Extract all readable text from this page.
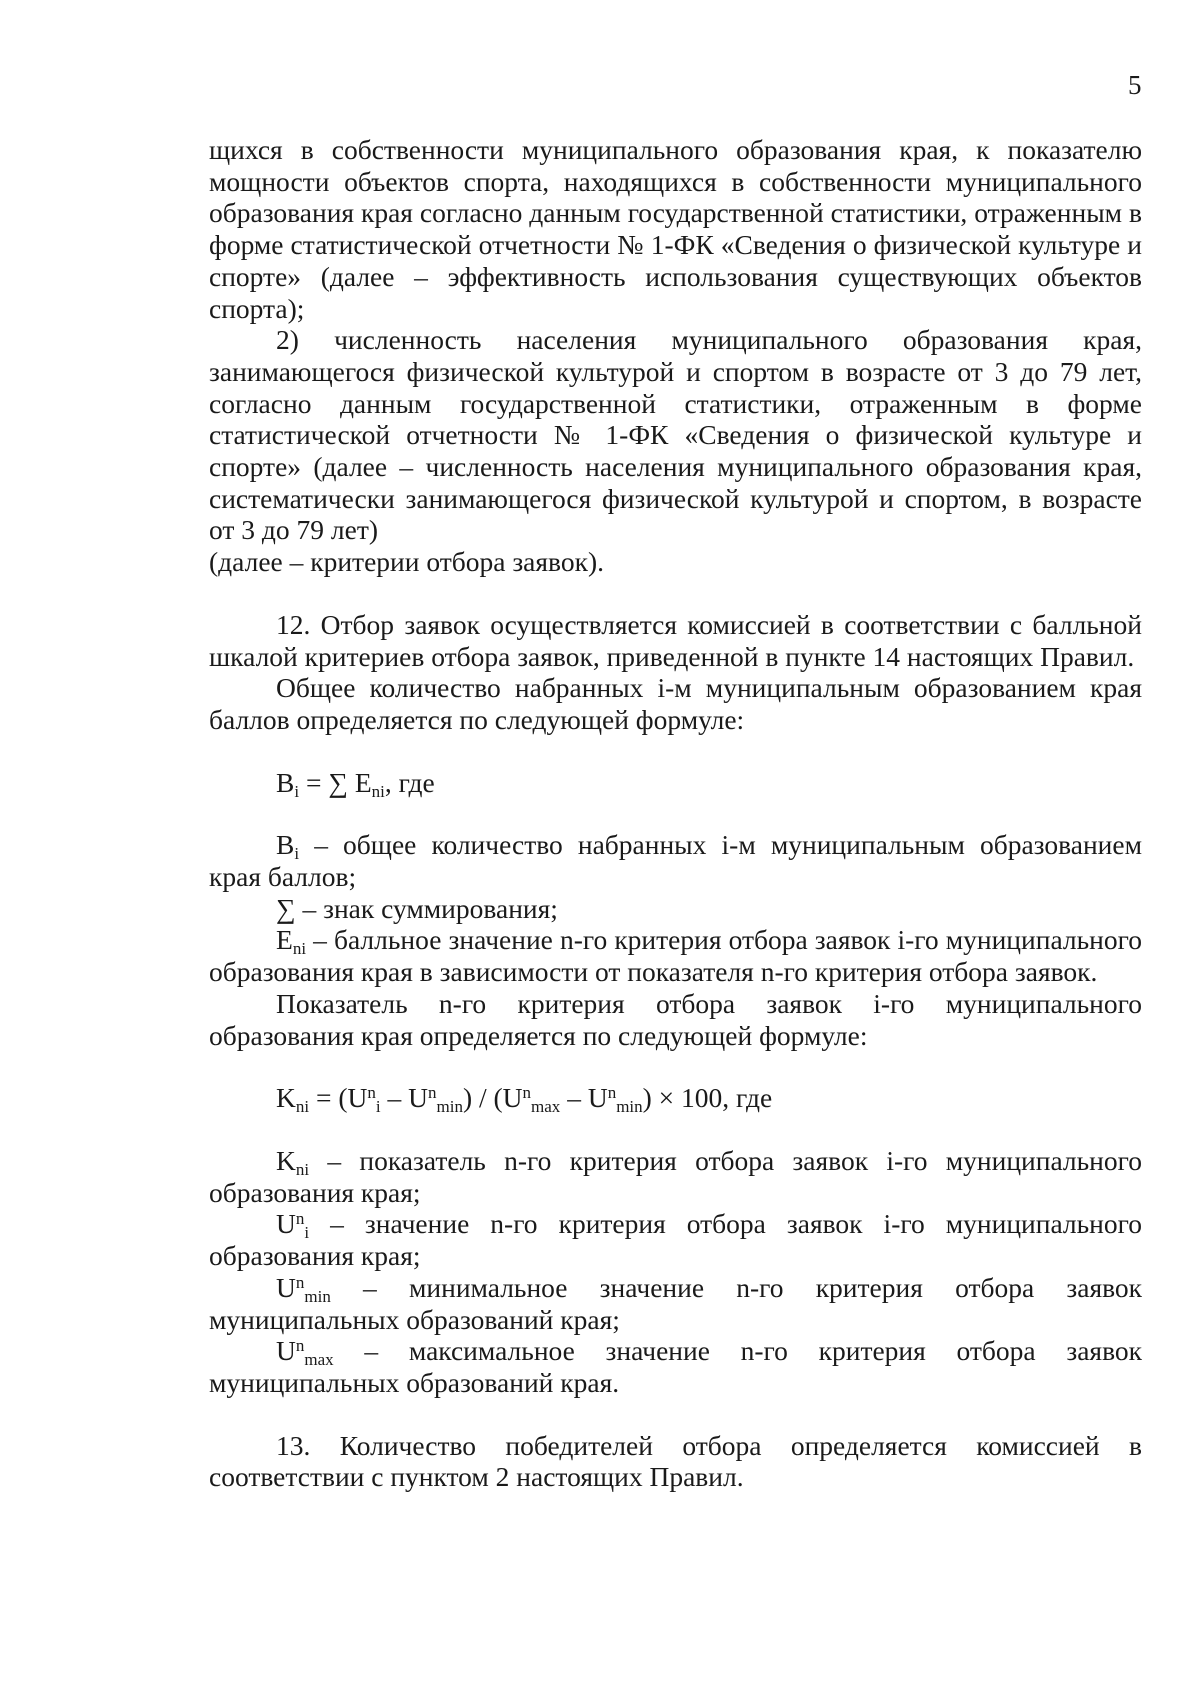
5

щихся в собственности муниципального образования края, к показателю мощности объектов спорта, находящихся в собственности муниципального образования края согласно данным государственной статистики, отраженным в форме статистической отчетности № 1-ФК «Сведения о физической культуре и спорте» (далее – эффективность использования существующих объектов спорта);

2) численность населения муниципального образования края, занимающегося физической культурой и спортом в возрасте от 3 до 79 лет, согласно данным государственной статистики, отраженным в форме статистической отчетности № 1-ФК «Сведения о физической культуре и спорте» (далее – численность населения муниципального образования края, систематически занимающегося физической культурой и спортом, в возрасте от 3 до 79 лет)

(далее – критерии отбора заявок).

12. Отбор заявок осуществляется комиссией в соответствии с балльной шкалой критериев отбора заявок, приведенной в пункте 14 настоящих Правил.

Общее количество набранных i-м муниципальным образованием края баллов определяется по следующей формуле:

$B_i$ = ∑ $E_{ni}$, где

$B_i$ – общее количество набранных i-м муниципальным образованием края баллов;

∑ – знак суммирования;

$E_{ni}$ – балльное значение n-го критерия отбора заявок i-го муниципального образования края в зависимости от показателя n-го критерия отбора заявок.

Показатель n-го критерия отбора заявок i-го муниципального образования края определяется по следующей формуле:

$K_{ni} = (U^n_i - U^n_{min}) / (U^n_{max} - U^n_{min}) \times 100$, где

$K_{ni}$ – показатель n-го критерия отбора заявок i-го муниципального образования края;

$U^n_i$ – значение n-го критерия отбора заявок i-го муниципального образования края;

$U^n_{min}$ – минимальное значение n-го критерия отбора заявок муниципальных образований края;

$U^n_{max}$ – максимальное значение n-го критерия отбора заявок муниципальных образований края.

13. Количество победителей отбора определяется комиссией в соответствии с пунктом 2 настоящих Правил.
